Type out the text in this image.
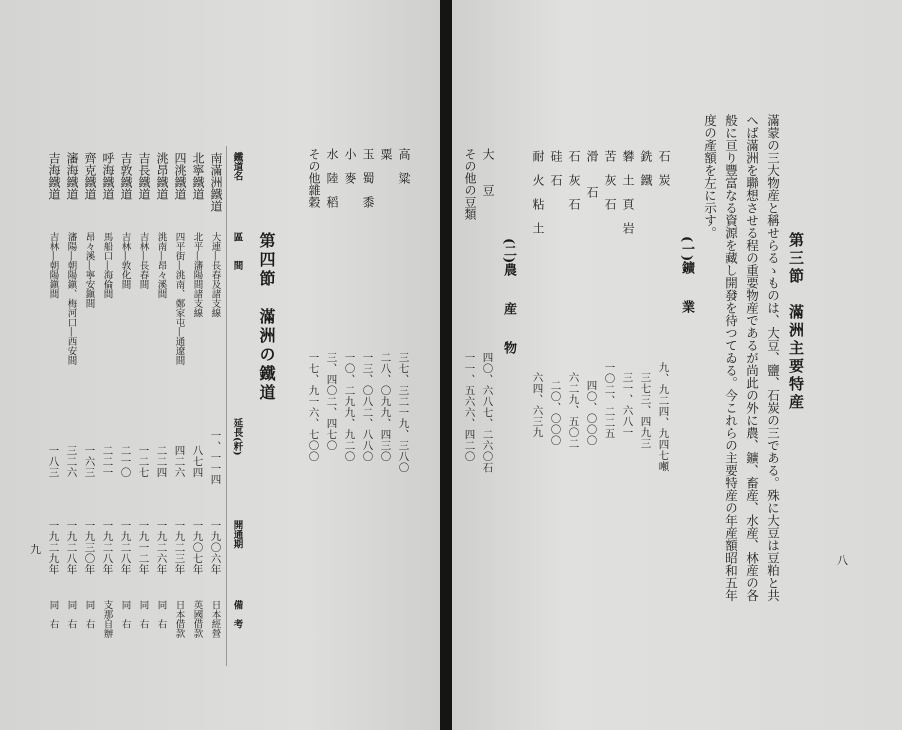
九
高　粱
三七、三二一九、三八〇
粟
二八、〇九九、四三〇
玉　蜀　黍
一三、〇八二、八八〇
小　麥
一〇、二九九、九二〇
水　陸　稻
三、四〇二、四七〇
その他雜穀
一七、九一六、七〇〇
第四節　滿洲の鐵道
鐵道名
區　　間
延長(粁)
開通期
備　考
南滿洲鐵道
大連―長春及諸支線
一、一一四
一九〇六年
日本經營
北寧鐵道
北平―瀋陽間諸支線
八七四
一九〇七年
英國借款
四洮鐵道
四平街―洮南、鄭家屯―通遼間
四二六
一九二三年
日本借款
洮昂鐵道
洮南―昂々溪間
二二四
一九二六年
同　右
吉長鐵道
吉林―長春間
一二七
一九一二年
同　右
吉敦鐵道
吉林―敦化間
二一〇
一九二八年
同　右
呼海鐵道
馬船口―海倫間
二二一
一九二八年
支那自辦
齊克鐵道
昂々溪―寧安鎭間
一六三
一九三〇年
同　右
瀋海鐵道
瀋陽―朝陽鎭、梅河口―西安間
三二六
一九二八年
同　右
吉海鐵道
吉林―朝陽鎭間
一八三
一九二九年
同　右
八
第三節　滿洲主要特産
滿蒙の三大物産と稱せらるゝものは、大豆、鹽、石炭の三である。殊に大豆は豆粕と共
へば滿洲を聯想させる程の重要物産であるが尚此の外に農、鑛、畜産、水産、林産の各
般に亘り豐富なる資源を藏し開發を待つてゐる。今これらの主要特産の年産額昭和五年
度の產額を左に示す。
(一)鑛　　業
石　炭
九、九二四、九四七噸
銑　鐵
三七三、四九三
礬　土　頁　岩
三一、六八一
苦　灰　石
一〇二、二二五
滑　　石
四〇、〇〇〇
石　灰　石
六二九、五〇二
硅　石
二〇、〇〇〇
耐　火　粘　土
六四、六三九
(二)農　　産　　物
大　　豆
四〇、六八七、二六〇石
その他の豆類
一一、五六六、四二〇
